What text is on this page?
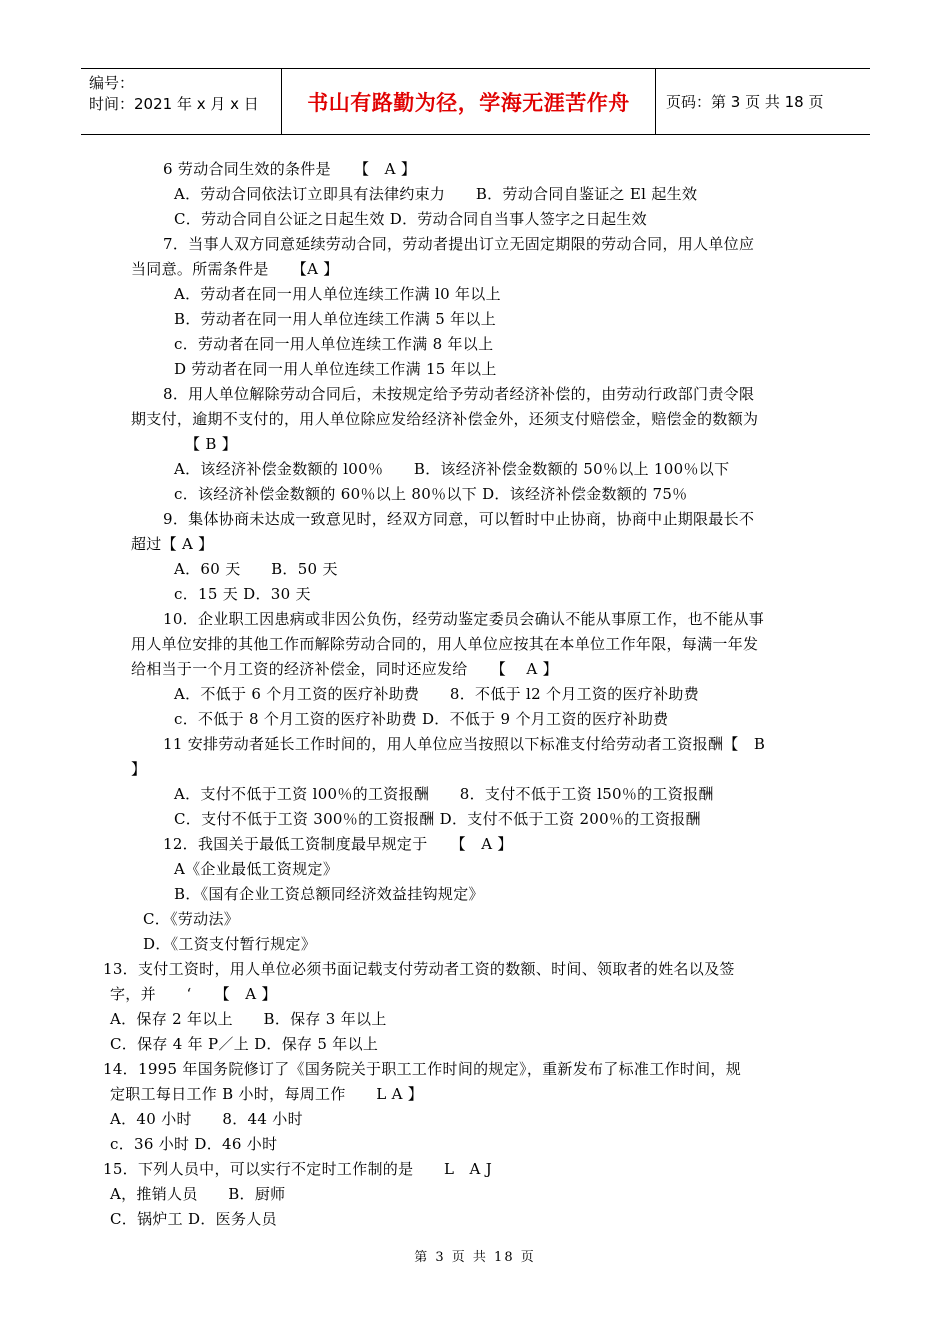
编号：
时间：2021 年 x 月 x 日	书山有路勤为径，学海无涯苦作舟 页码：第 3 页 共 18 页
6 劳动合同生效的条件是　　【　A 】
A．劳动合同依法订立即具有法律约束力　　B．劳动合同自鉴证之 El 起生效
C．劳动合同自公证之日起生效 D．劳动合同自当事人签字之日起生效
7．当事人双方同意延续劳动合同，劳动者提出订立无固定期限的劳动合同，用人单位应
当同意。所需条件是　　【A 】
A．劳动者在同一用人单位连续工作满 l0 年以上
B．劳动者在同一用人单位连续工作满 5 年以上
c．劳动者在同一用人单位连续工作满 8 年以上
D 劳动者在同一用人单位连续工作满 15 年以上
8．用人单位解除劳动合同后，未按规定给予劳动者经济补偿的，由劳动行政部门责令限
期支付，逾期不支付的，用人单位除应发给经济补偿金外，还须支付赔偿金，赔偿金的数额为
【 B 】
A．该经济补偿金数额的 l00％　　B．该经济补偿金数额的 50％以上 100％以下
c．该经济补偿金数额的 60％以上 80％以下 D．该经济补偿金数额的 75％
9．集体协商未达成一致意见时，经双方同意，可以暂时中止协商，协商中止期限最长不
超过【 A 】
A．60 天　　B．50 天
c．15 天 D．30 天
10．企业职工因患病或非因公负伤，经劳动鉴定委员会确认不能从事原工作，也不能从事
用人单位安排的其他工作而解除劳动合同的，用人单位应按其在本单位工作年限，每满一年发
给相当于一个月工资的经济补偿金，同时还应发给　　【　 A 】
A．不低于 6 个月工资的医疗补助费　　8．不低于 l2 个月工资的医疗补助费
c．不低于 8 个月工资的医疗补助费 D．不低于 9 个月工资的医疗补助费
11 安排劳动者延长工作时间的，用人单位应当按照以下标准支付给劳动者工资报酬【　B
】
A．支付不低于工资 l00％的工资报酬　　8．支付不低于工资 l50％的工资报酬
C．支付不低于工资 300％的工资报酬 D．支付不低于工资 200％的工资报酬
12．我国关于最低工资制度最早规定于　　【　A 】
A《企业最低工资规定》
B．《国有企业工资总额同经济效益挂钩规定》
C．《劳动法》
D．《工资支付暂行规定》
13．支付工资时，用人单位必须书面记载支付劳动者工资的数额、时间、领取者的姓名以及签
字，并　　‘　　【　A 】
A．保存 2 年以上　　B．保存 3 年以上
C．保存 4 年 P／上 D．保存 5 年以上
14．1995 年国务院修订了《国务院关于职工工作时间的规定》，重新发布了标准工作时间，规
定职工每日工作 B 小时，每周工作　　L A 】
A．40 小时　　8．44 小时
c．36 小时 D．46 小时
15．下列人员中，可以实行不定时工作制的是　　L　A J
A，推销人员　　B．厨师
C．锅炉工 D．医务人员
第 3 页 共 18 页
